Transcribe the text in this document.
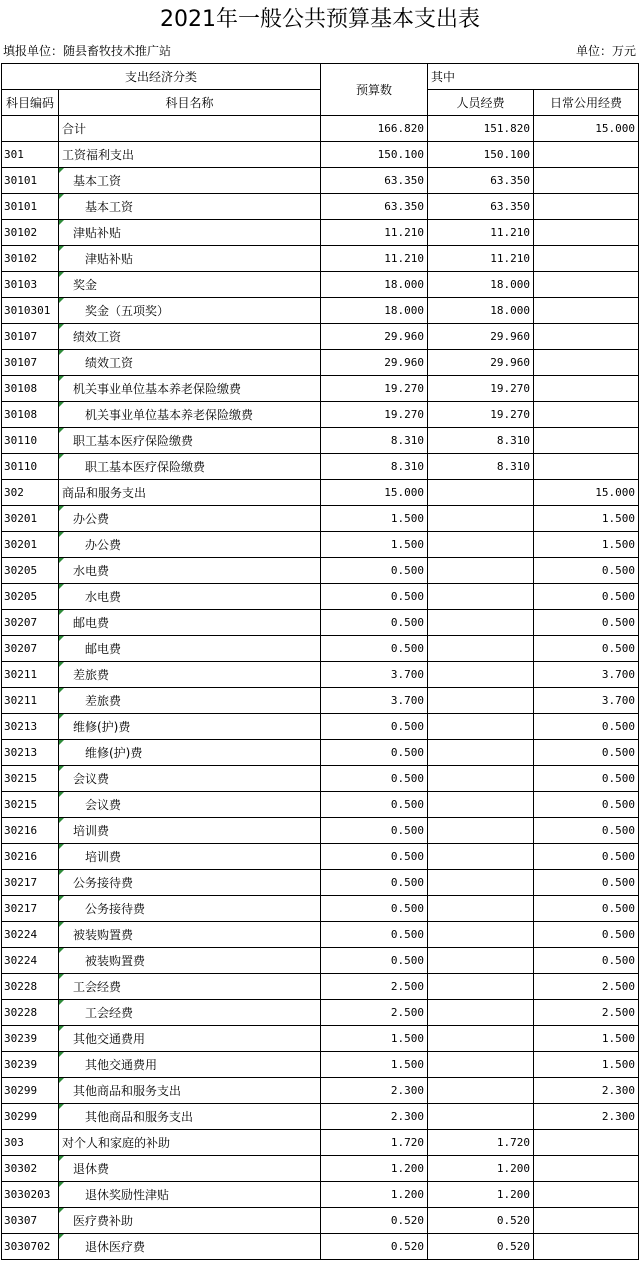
2021年一般公共预算基本支出表
填报单位：随县畜牧技术推广站	单位：万元
支出经济分类		预算数	其中	
科目编码	科目名称		人员经费	日常公用经费
	合计	166.820	151.820	15.000
301	工资福利支出	150.100	150.100	
30101	基本工资	63.350	63.350	
30101	基本工资	63.350	63.350	
30102	津贴补贴	11.210	11.210	
30102	津贴补贴	11.210	11.210	
30103	奖金	18.000	18.000	
3010301	奖金（五项奖）	18.000	18.000	
30107	绩效工资	29.960	29.960	
30107	绩效工资	29.960	29.960	
30108	机关事业单位基本养老保险缴费	19.270	19.270	
30108	机关事业单位基本养老保险缴费	19.270	19.270	
30110	职工基本医疗保险缴费	8.310	8.310	
30110	职工基本医疗保险缴费	8.310	8.310	
302	商品和服务支出	15.000		15.000
30201	办公费	1.500		1.500
30201	办公费	1.500		1.500
30205	水电费	0.500		0.500
30205	水电费	0.500		0.500
30207	邮电费	0.500		0.500
30207	邮电费	0.500		0.500
30211	差旅费	3.700		3.700
30211	差旅费	3.700		3.700
30213	维修(护)费	0.500		0.500
30213	维修(护)费	0.500		0.500
30215	会议费	0.500		0.500
30215	会议费	0.500		0.500
30216	培训费	0.500		0.500
30216	培训费	0.500		0.500
30217	公务接待费	0.500		0.500
30217	公务接待费	0.500		0.500
30224	被装购置费	0.500		0.500
30224	被装购置费	0.500		0.500
30228	工会经费	2.500		2.500
30228	工会经费	2.500		2.500
30239	其他交通费用	1.500		1.500
30239	其他交通费用	1.500		1.500
30299	其他商品和服务支出	2.300		2.300
30299	其他商品和服务支出	2.300		2.300
303	对个人和家庭的补助	1.720	1.720	
30302	退休费	1.200	1.200	
3030203	退休奖励性津贴	1.200	1.200	
30307	医疗费补助	0.520	0.520	
3030702	退休医疗费	0.520	0.520	
